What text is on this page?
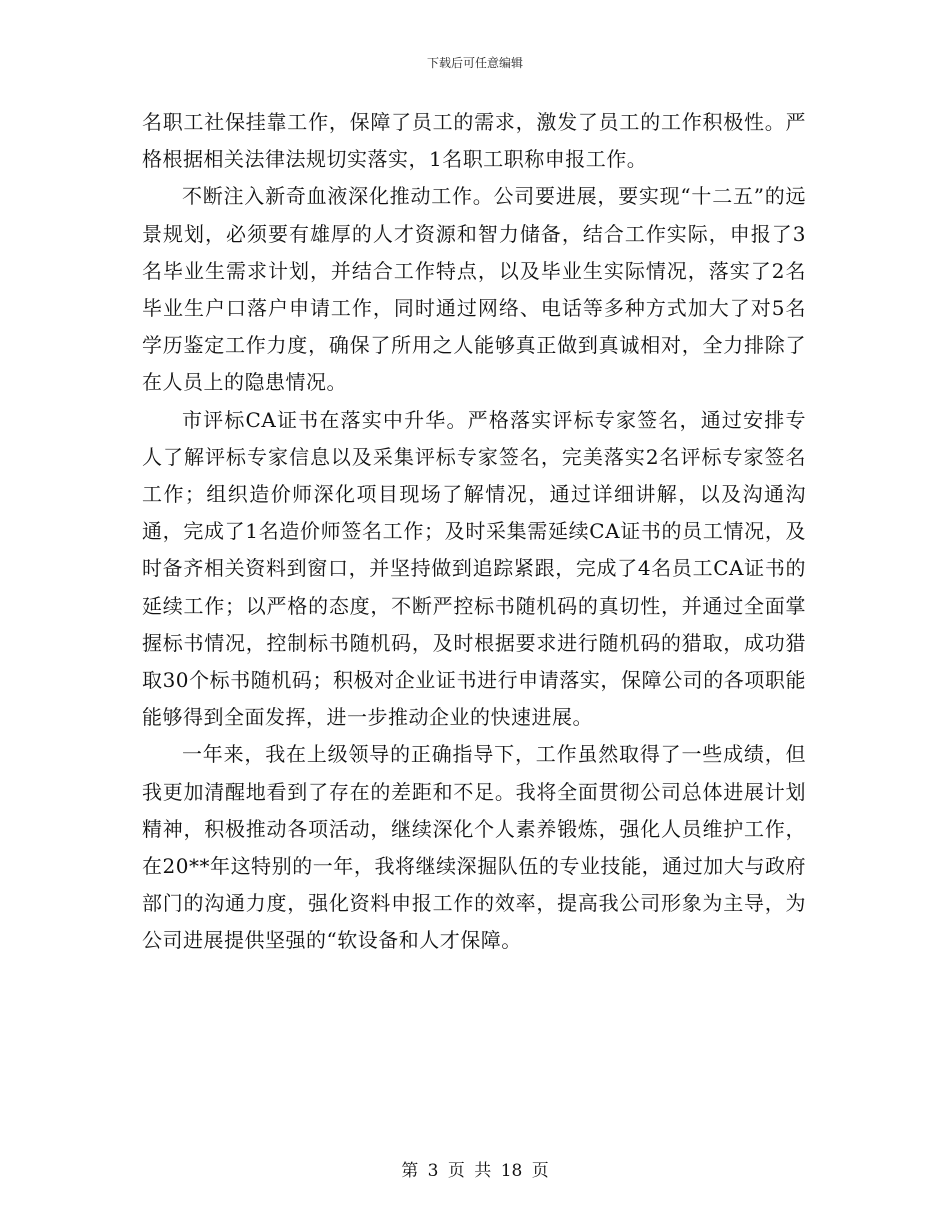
下载后可任意编辑

名职工社保挂靠工作，保障了员工的需求，激发了员工的工作积极性。严格根据相关法律法规切实落实，1名职工职称申报工作。

不断注入新奇血液深化推动工作。公司要进展，要实现“十二五”的远景规划，必须要有雄厚的人才资源和智力储备，结合工作实际，申报了3名毕业生需求计划，并结合工作特点，以及毕业生实际情况，落实了2名毕业生户口落户申请工作，同时通过网络、电话等多种方式加大了对5名学历鉴定工作力度，确保了所用之人能够真正做到真诚相对，全力排除了在人员上的隐患情况。

市评标CA证书在落实中升华。严格落实评标专家签名，通过安排专人了解评标专家信息以及采集评标专家签名，完美落实2名评标专家签名工作；组织造价师深化项目现场了解情况，通过详细讲解，以及沟通沟通，完成了1名造价师签名工作；及时采集需延续CA证书的员工情况，及时备齐相关资料到窗口，并坚持做到追踪紧跟，完成了4名员工CA证书的延续工作；以严格的态度，不断严控标书随机码的真切性，并通过全面掌握标书情况，控制标书随机码，及时根据要求进行随机码的猎取，成功猎取30个标书随机码；积极对企业证书进行申请落实，保障公司的各项职能能够得到全面发挥，进一步推动企业的快速进展。

一年来，我在上级领导的正确指导下，工作虽然取得了一些成绩，但我更加清醒地看到了存在的差距和不足。我将全面贯彻公司总体进展计划精神，积极推动各项活动，继续深化个人素养锻炼，强化人员维护工作，在20**年这特别的一年，我将继续深掘队伍的专业技能，通过加大与政府部门的沟通力度，强化资料申报工作的效率，提高我公司形象为主导，为公司进展提供坚强的“软设备和人才保障。

第 3 页 共 18 页
